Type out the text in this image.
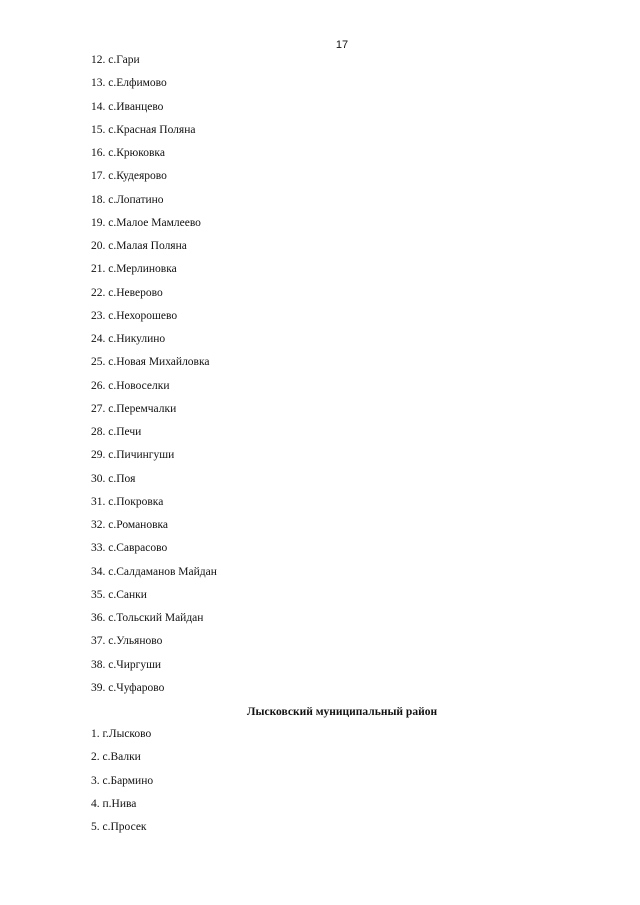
17
12. с.Гари
13. с.Елфимово
14. с.Иванцево
15. с.Красная Поляна
16. с.Крюковка
17. с.Кудеярово
18. с.Лопатино
19. с.Малое Мамлеево
20. с.Малая Поляна
21. с.Мерлиновка
22. с.Неверово
23. с.Нехорошево
24. с.Никулино
25. с.Новая Михайловка
26. с.Новоселки
27. с.Перемчалки
28. с.Печи
29. с.Пичингуши
30. с.Поя
31. с.Покровка
32. с.Романовка
33. с.Саврасово
34. с.Салдаманов Майдан
35. с.Санки
36. с.Тольский Майдан
37. с.Ульяново
38. с.Чиргуши
39. с.Чуфарово
Лысковский муниципальный район
1. г.Лысково
2. с.Валки
3. с.Бармино
4. п.Нива
5. с.Просек
